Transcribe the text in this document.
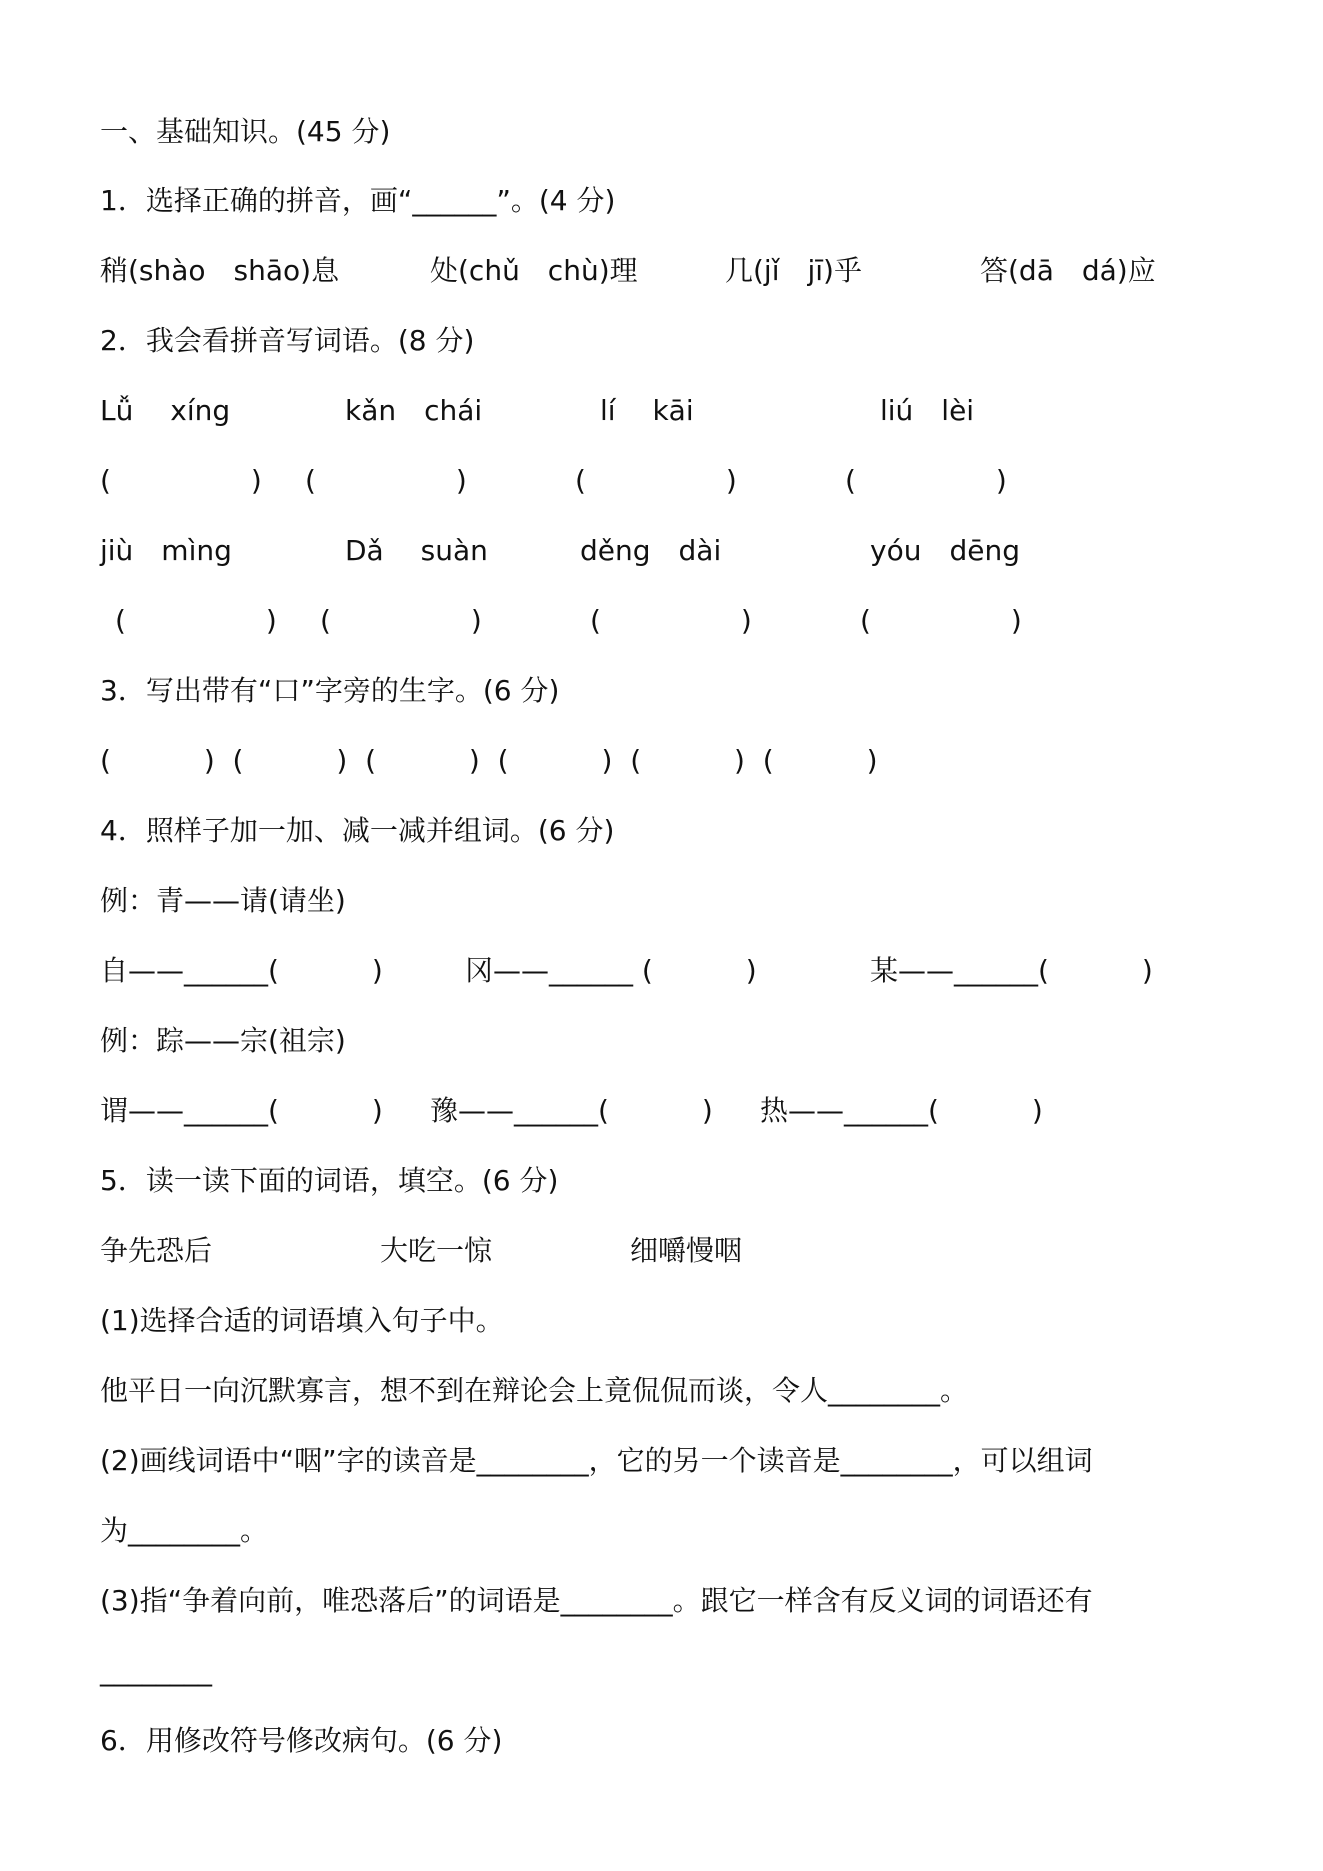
一、基础知识。(45 分)
1．选择正确的拼音，画“______”。(4 分)
稍(shào　shāo)息	处(chǔ　chù)理	几(jǐ　jī)乎	答(dā　dá)应
2．我会看拼音写词语。(8 分)
Lǚ　 xíng	kǎn　chái	lí　 kāi	liú　lèi
(　　　　　) (　　　　　)	(　　　　　)	(　　　　　)
jiù　mìng	Dǎ　 suàn	děng　dài	yóu　dēng
(　　　　　) (　　　　　)	(　　　　　)	(　　　　　)
3．写出带有“口”字旁的生字。(6 分)
(　　　 )  (　　　 )  (　　　 )  (　　　 )  (　　　 )  (　　　 )
4．照样子加一加、减一减并组词。(6 分)
例：青——请(请坐)
自——______(　　　 )	冈——______ (　　　 )	某——______(　　　 )
例：踪——宗(祖宗)
谓——______(　　　 ) 豫——______(　　　 ) 热——______(　　　 )
5．读一读下面的词语，填空。(6 分)
争先恐后	大吃一惊	细嚼慢咽
(1)选择合适的词语填入句子中。
他平日一向沉默寡言，想不到在辩论会上竟侃侃而谈，令人________。
(2)画线词语中“咽”字的读音是________，它的另一个读音是________，可以组词
为________。
(3)指“争着向前，唯恐落后”的词语是________。跟它一样含有反义词的词语还有
________
6．用修改符号修改病句。(6 分)
